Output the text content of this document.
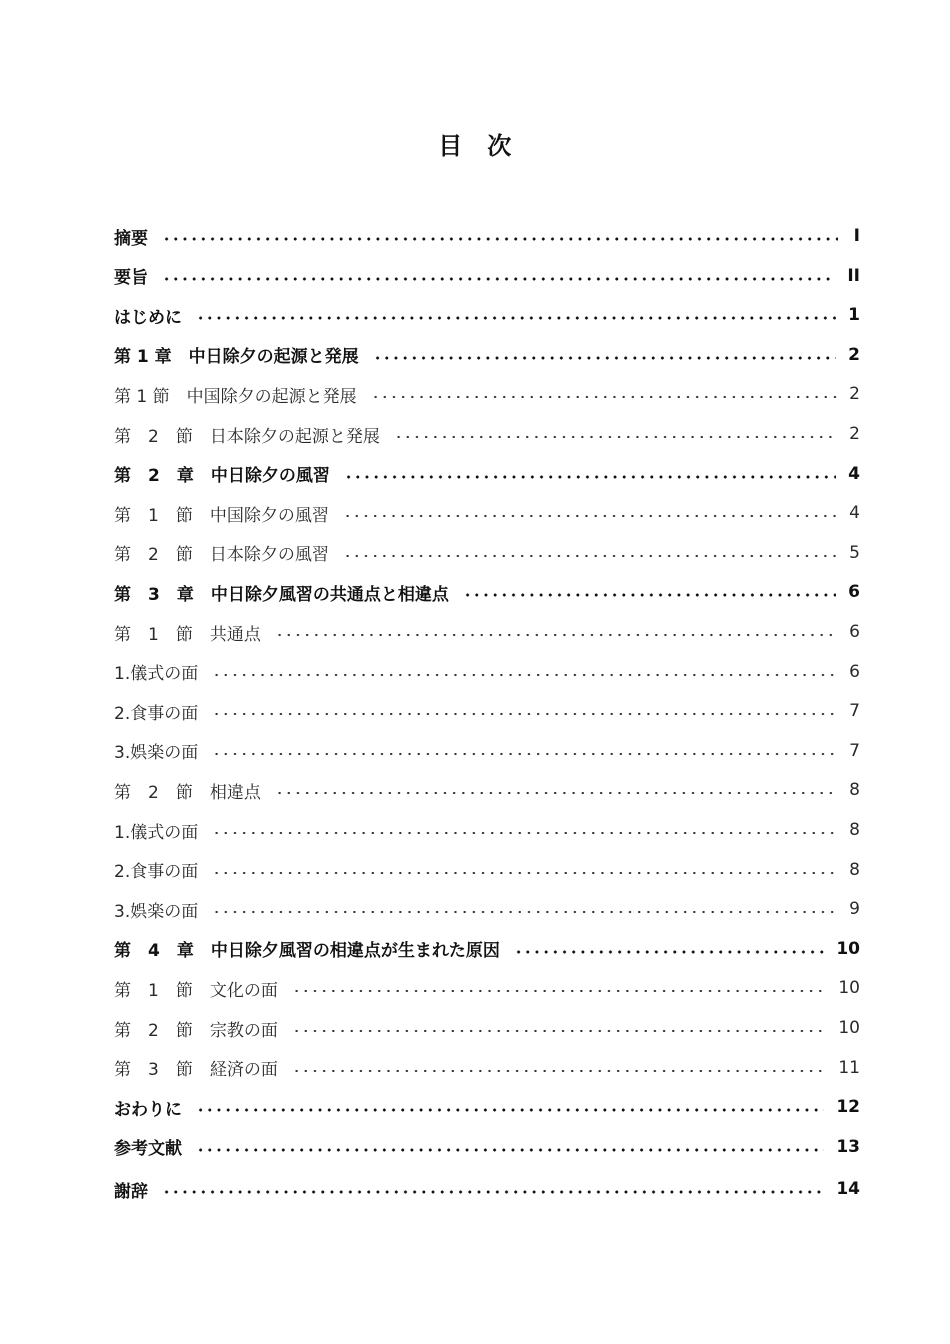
目　次
摘要	I
要旨	II
はじめに	1
第 1 章　中日除夕の起源と発展	2
第 1 節　中国除夕の起源と発展	2
第　2　節　日本除夕の起源と発展	2
第　2　章　中日除夕の風習	4
第　1　節　中国除夕の風習	4
第　2　節　日本除夕の風習	5
第　3　章　中日除夕風習の共通点と相違点	6
第　1　節　共通点	6
1.儀式の面	6
2.食事の面	7
3.娯楽の面	7
第　2　節　相違点	8
1.儀式の面	8
2.食事の面	8
3.娯楽の面	9
第　4　章　中日除夕風習の相違点が生まれた原因	10
第　1　節　文化の面	10
第　2　節　宗教の面	10
第　3　節　経済の面	11
おわりに	12
参考文献	13
謝辞	14
